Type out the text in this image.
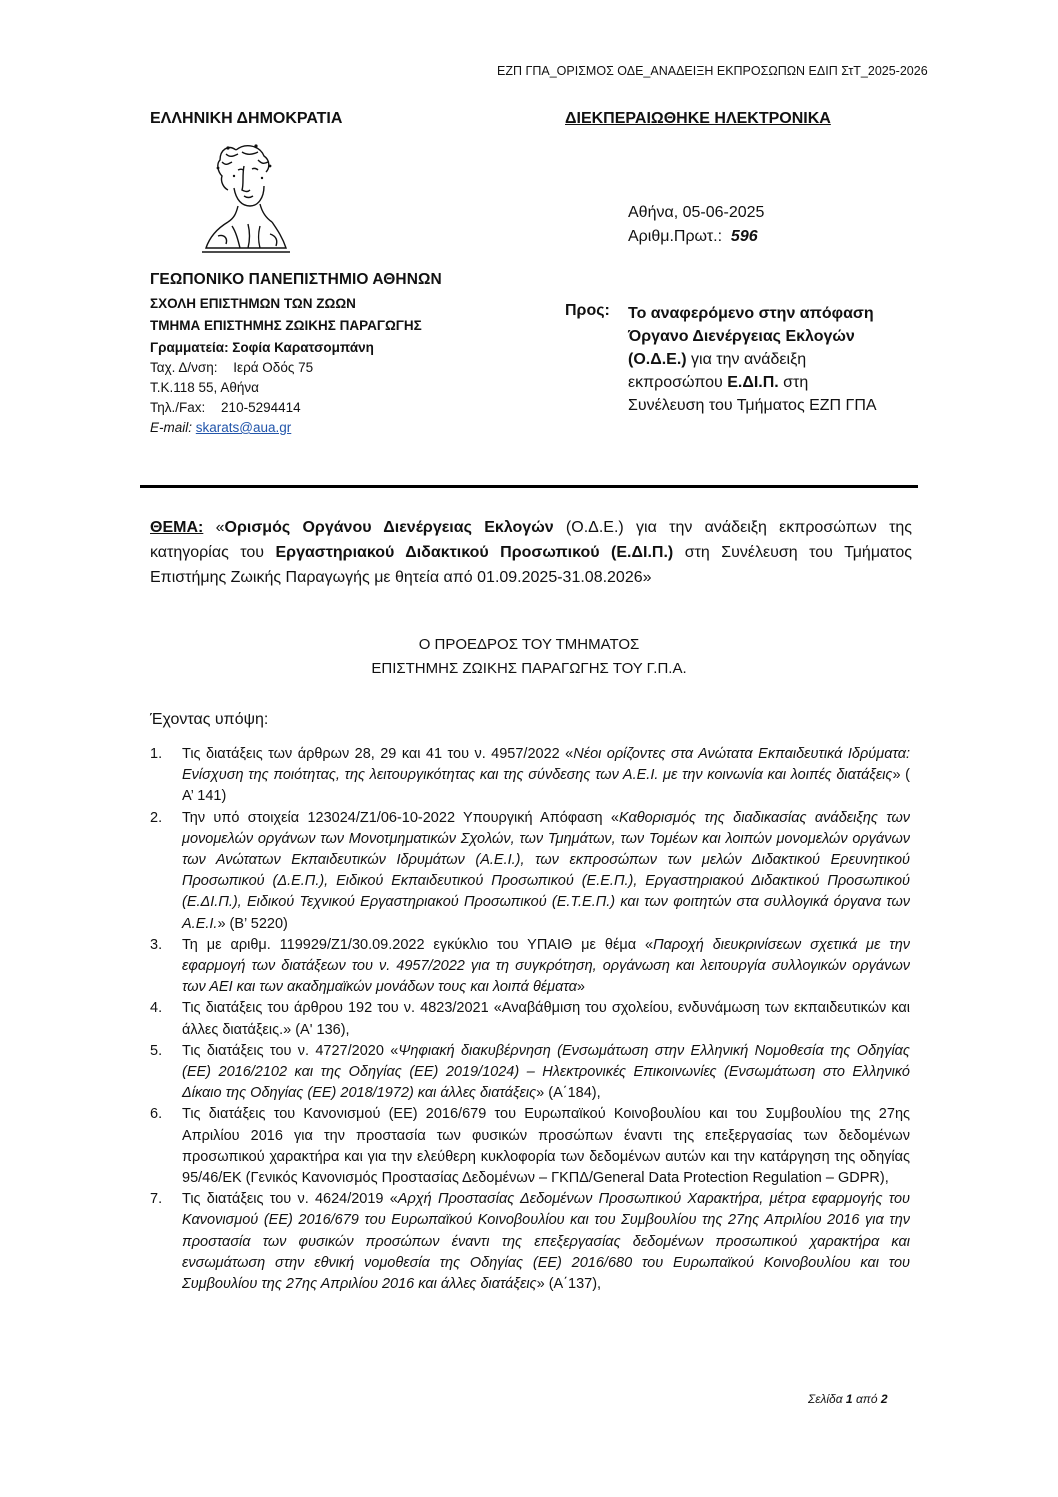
ΕΖΠ ΓΠΑ_ΟΡΙΣΜΟΣ ΟΔΕ_ΑΝΑΔΕΙΞΗ ΕΚΠΡΟΣΩΠΩΝ ΕΔΙΠ ΣτΤ_2025-2026
ΕΛΛΗΝΙΚΗ ΔΗΜΟΚΡΑΤΙΑ	ΔΙΕΚΠΕΡΑΙΩΘΗΚΕ ΗΛΕΚΤΡΟΝΙΚΑ
Αθήνα, 05-06-2025
Αριθμ.Πρωτ.: 596
ΓΕΩΠΟΝΙΚΟ ΠΑΝΕΠΙΣΤΗΜΙΟ ΑΘΗΝΩΝ
ΣΧΟΛΗ ΕΠΙΣΤΗΜΩΝ ΤΩΝ ΖΩΩΝ
ΤΜΗΜΑ ΕΠΙΣΤΗΜΗΣ ΖΩΙΚΗΣ ΠΑΡΑΓΩΓΗΣ
Γραμματεία: Σοφία Καρατσομπάνη
Ταχ. Δ/νση: Ιερά Οδός 75
Τ.Κ.118 55, Αθήνα
Τηλ./Fax: 210-5294414
E-mail: skarats@aua.gr
Προς: Το αναφερόμενο στην απόφαση
Όργανο Διενέργειας Εκλογών
(Ο.Δ.Ε.) για την ανάδειξη
εκπροσώπου Ε.ΔΙ.Π. στη
Συνέλευση του Τμήματος ΕΖΠ ΓΠΑ
ΘΕΜΑ: «Ορισμός Οργάνου Διενέργειας Εκλογών (Ο.Δ.Ε.) για την ανάδειξη εκπροσώπων της κατηγορίας του Εργαστηριακού Διδακτικού Προσωπικού (Ε.ΔΙ.Π.) στη Συνέλευση του Τμήματος Επιστήμης Ζωικής Παραγωγής με θητεία από 01.09.2025-31.08.2026»
Ο ΠΡΟΕΔΡΟΣ ΤΟΥ ΤΜΗΜΑΤΟΣ
ΕΠΙΣΤΗΜΗΣ ΖΩΙΚΗΣ ΠΑΡΑΓΩΓΗΣ ΤΟΥ Γ.Π.Α.
Έχοντας υπόψη:
1.	Τις διατάξεις των άρθρων 28, 29 και 41 του ν. 4957/2022 «Νέοι ορίζοντες στα Ανώτατα Εκπαιδευτικά Ιδρύματα: Ενίσχυση της ποιότητας, της λειτουργικότητας και της σύνδεσης των Α.Ε.Ι. με την κοινωνία και λοιπές διατάξεις» ( Α’ 141)
2.	Την υπό στοιχεία 123024/Ζ1/06-10-2022 Υπουργική Απόφαση «Καθορισμός της διαδικασίας ανάδειξης των μονομελών οργάνων των Μονοτμηματικών Σχολών, των Τμημάτων, των Τομέων και λοιπών μονομελών οργάνων των Ανώτατων Εκπαιδευτικών Ιδρυμάτων (Α.Ε.Ι.), των εκπροσώπων των μελών Διδακτικού Ερευνητικού Προσωπικού (Δ.Ε.Π.), Ειδικού Εκπαιδευτικού Προσωπικού (Ε.Ε.Π.), Εργαστηριακού Διδακτικού Προσωπικού (Ε.ΔΙ.Π.), Ειδικού Τεχνικού Εργαστηριακού Προσωπικού (Ε.Τ.Ε.Π.) και των φοιτητών στα συλλογικά όργανα των Α.Ε.Ι.» (Β’ 5220)
3.	Τη με αριθμ. 119929/Ζ1/30.09.2022 εγκύκλιο του ΥΠΑΙΘ με θέμα «Παροχή διευκρινίσεων σχετικά με την εφαρμογή των διατάξεων του ν. 4957/2022 για τη συγκρότηση, οργάνωση και λειτουργία συλλογικών οργάνων των ΑΕΙ και των ακαδημαϊκών μονάδων τους και λοιπά θέματα»
4.	Τις διατάξεις του άρθρου 192 του ν. 4823/2021 «Αναβάθμιση του σχολείου, ενδυνάμωση των εκπαιδευτικών και άλλες διατάξεις.» (Α' 136),
5.	Τις διατάξεις του ν. 4727/2020 «Ψηφιακή διακυβέρνηση (Ενσωμάτωση στην Ελληνική Νομοθεσία της Οδηγίας (ΕΕ) 2016/2102 και της Οδηγίας (ΕΕ) 2019/1024) – Ηλεκτρονικές Επικοινωνίες (Ενσωμάτωση στο Ελληνικό Δίκαιο της Οδηγίας (ΕΕ) 2018/1972) και άλλες διατάξεις» (Α΄184),
6.	Τις διατάξεις του Κανονισμού (ΕΕ) 2016/679 του Ευρωπαϊκού Κοινοβουλίου και του Συμβουλίου της 27ης Απριλίου 2016 για την προστασία των φυσικών προσώπων έναντι της επεξεργασίας των δεδομένων προσωπικού χαρακτήρα και για την ελεύθερη κυκλοφορία των δεδομένων αυτών και την κατάργηση της οδηγίας 95/46/ΕΚ (Γενικός Κανονισμός Προστασίας Δεδομένων – ΓΚΠΔ/General Data Protection Regulation – GDPR),
7.	Τις διατάξεις του ν. 4624/2019 «Αρχή Προστασίας Δεδομένων Προσωπικού Χαρακτήρα, μέτρα εφαρμογής του Κανονισμού (ΕΕ) 2016/679 του Ευρωπαϊκού Κοινοβουλίου και του Συμβουλίου της 27ης Απριλίου 2016 για την προστασία των φυσικών προσώπων έναντι της επεξεργασίας δεδομένων προσωπικού χαρακτήρα και ενσωμάτωση στην εθνική νομοθεσία της Οδηγίας (ΕΕ) 2016/680 του Ευρωπαϊκού Κοινοβουλίου και του Συμβουλίου της 27ης Απριλίου 2016 και άλλες διατάξεις» (Α΄137),
Σελίδα 1 από 2
